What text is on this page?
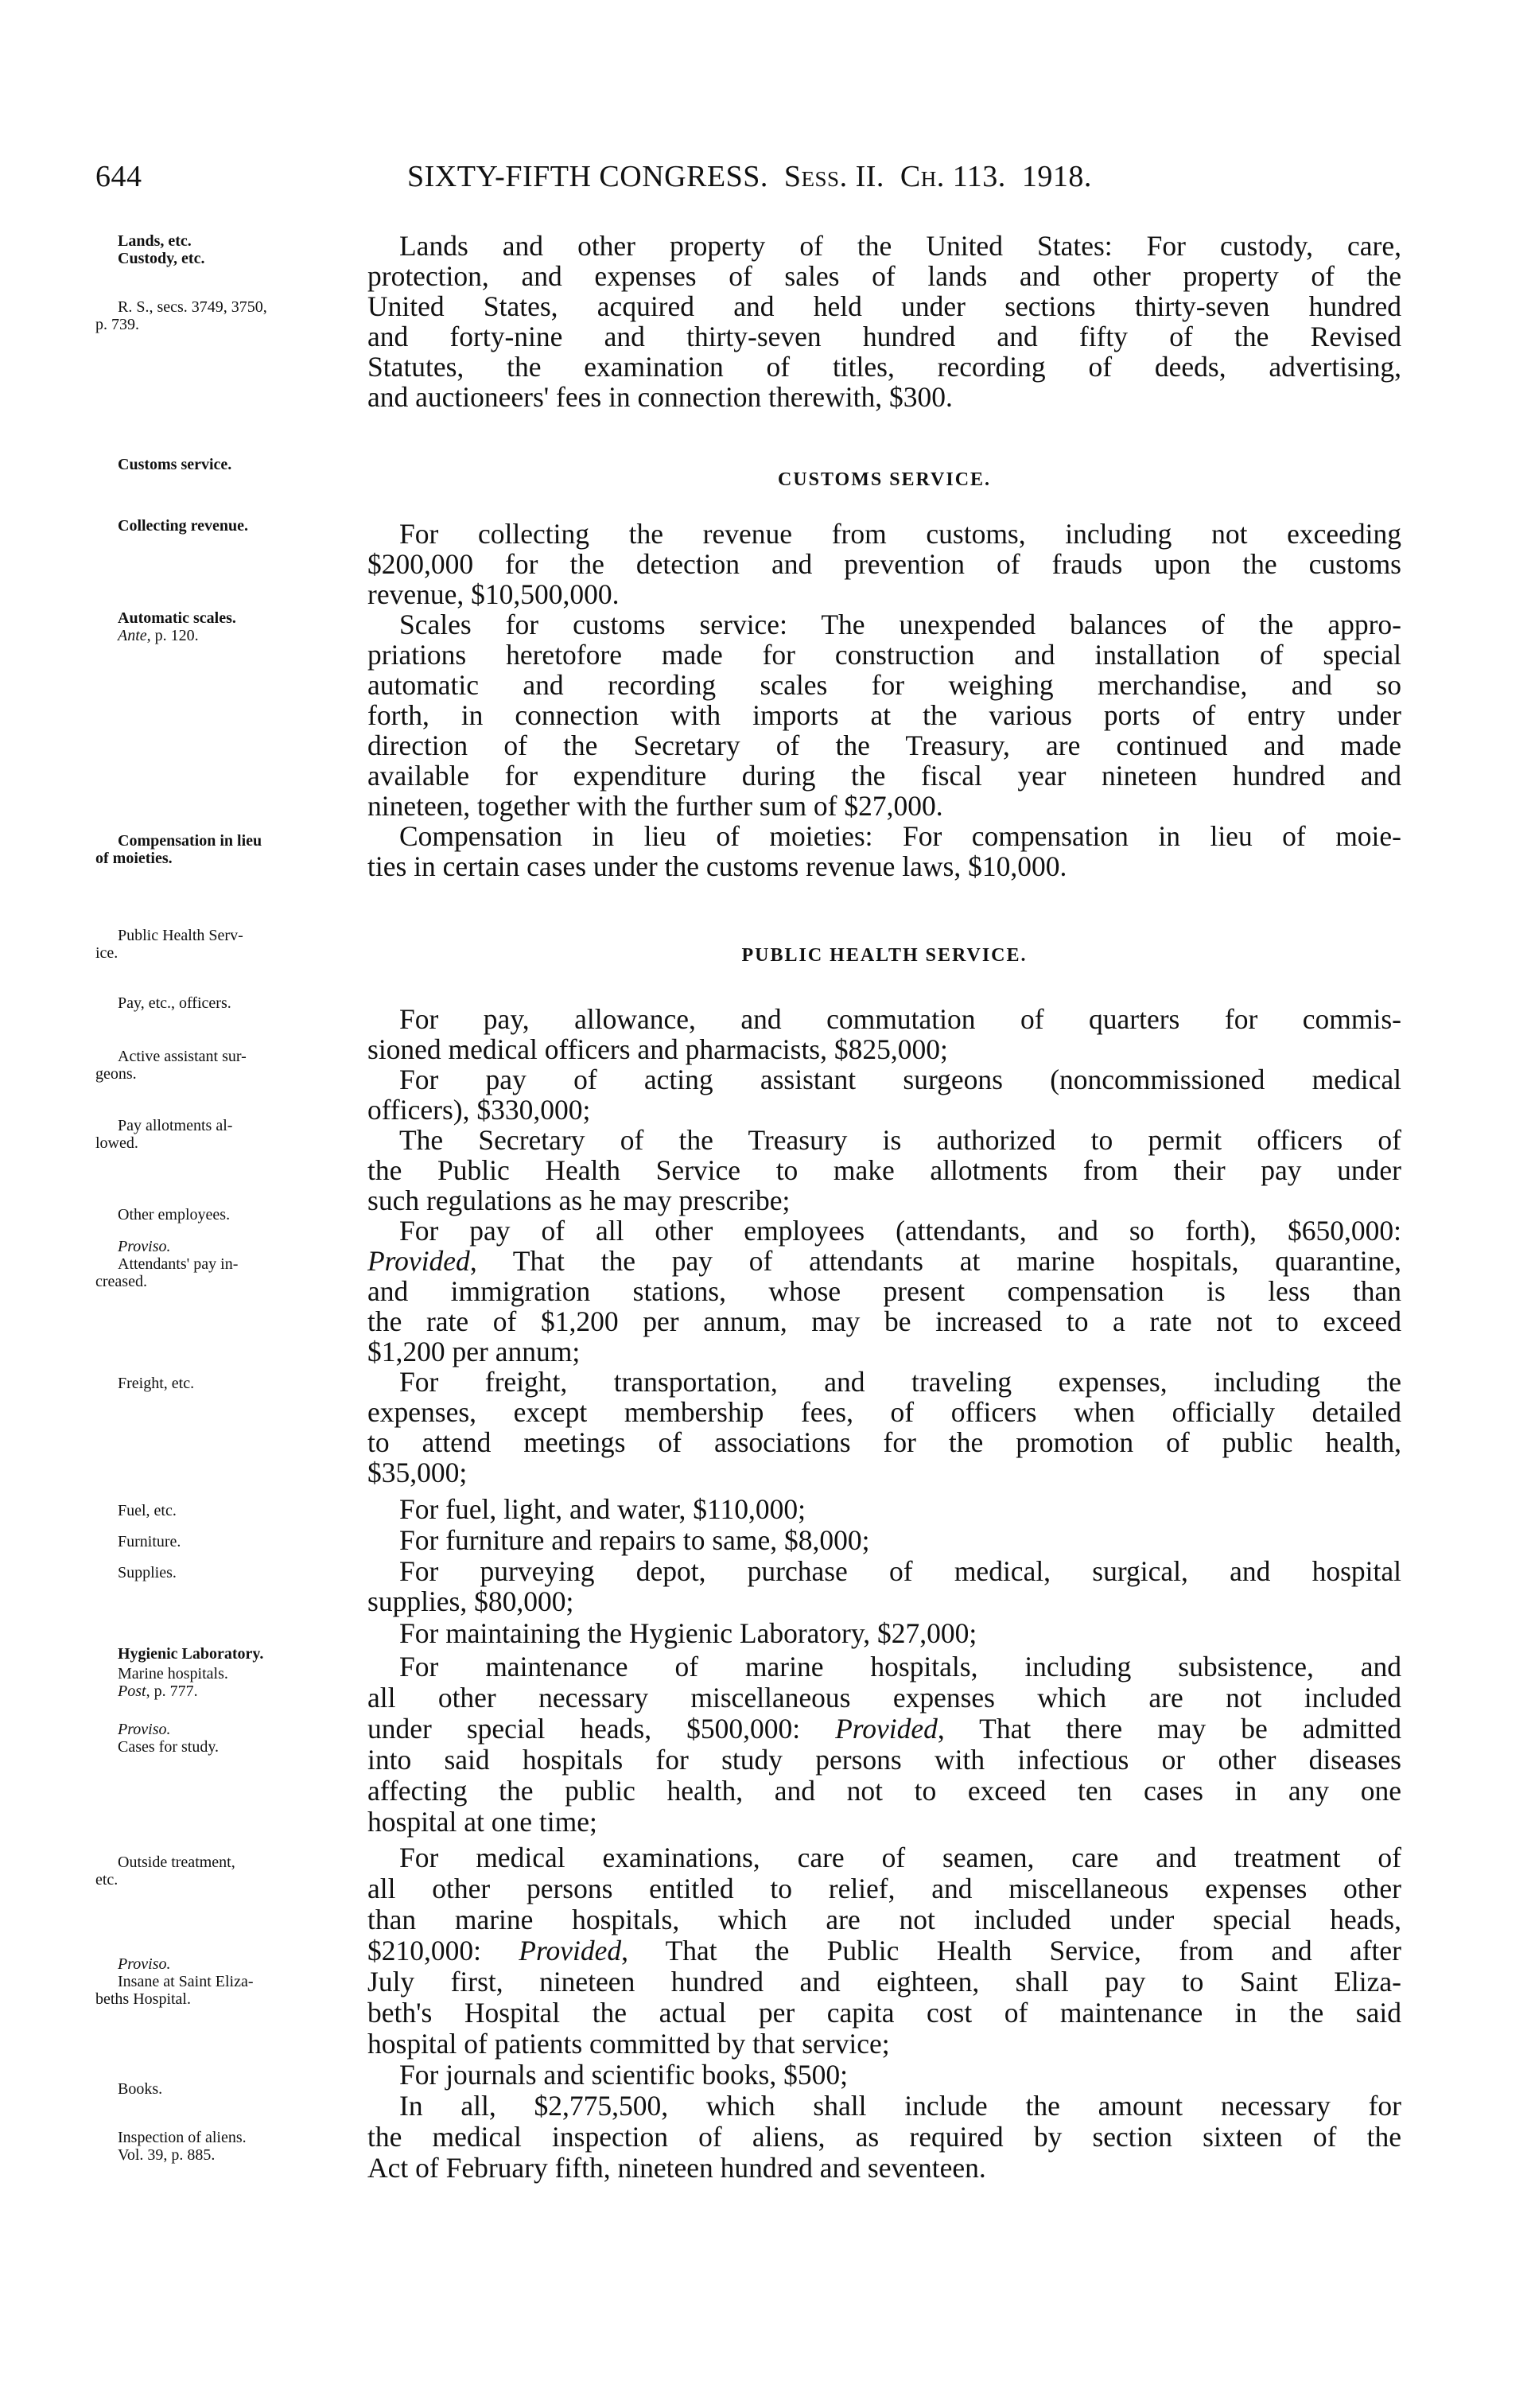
644	SIXTY-FIFTH CONGRESS. Sess. II. Ch. 113. 1918.
Lands, etc.
Custody, etc.
R. S., secs. 3749, 3750,
p. 739.
Customs service.
Collecting revenue.
Automatic scales.
Ante, p. 120.
Compensation in lieu
of moieties.
Public Health Serv-
ice.
Pay, etc., officers.
Active assistant sur-
geons.
Pay allotments al-
lowed.
Other employees.
Proviso.
Attendants' pay in-
creased.
Freight, etc.
Fuel, etc.
Furniture.
Supplies.
Hygienic Laboratory.
Marine hospitals.
Post, p. 777.
Proviso.
Cases for study.
Outside treatment,
etc.
Proviso.
Insane at Saint Eliza-
beths Hospital.
Books.
Inspection of aliens.
Vol. 39, p. 885.
CUSTOMS SERVICE.
PUBLIC HEALTH SERVICE.
Lands and other property of the United States: For custody, care,
protection, and expenses of sales of lands and other property of the
United States, acquired and held under sections thirty-seven hundred
and forty-nine and thirty-seven hundred and fifty of the Revised
Statutes, the examination of titles, recording of deeds, advertising,
and auctioneers' fees in connection therewith, $300.
For collecting the revenue from customs, including not exceeding
$200,000 for the detection and prevention of frauds upon the customs
revenue, $10,500,000.
Scales for customs service: The unexpended balances of the appro-
priations heretofore made for construction and installation of special
automatic and recording scales for weighing merchandise, and so
forth, in connection with imports at the various ports of entry under
direction of the Secretary of the Treasury, are continued and made
available for expenditure during the fiscal year nineteen hundred and
nineteen, together with the further sum of $27,000.
Compensation in lieu of moieties: For compensation in lieu of moie-
ties in certain cases under the customs revenue laws, $10,000.
For pay, allowance, and commutation of quarters for commis-
sioned medical officers and pharmacists, $825,000;
For pay of acting assistant surgeons (noncommissioned medical
officers), $330,000;
The Secretary of the Treasury is authorized to permit officers of
the Public Health Service to make allotments from their pay under
such regulations as he may prescribe;
For pay of all other employees (attendants, and so forth), $650,000:
Provided, That the pay of attendants at marine hospitals, quarantine,
and immigration stations, whose present compensation is less than
the rate of $1,200 per annum, may be increased to a rate not to exceed
$1,200 per annum;
For freight, transportation, and traveling expenses, including the
expenses, except membership fees, of officers when officially detailed
to attend meetings of associations for the promotion of public health,
$35,000;
For fuel, light, and water, $110,000;
For furniture and repairs to same, $8,000;
For purveying depot, purchase of medical, surgical, and hospital
supplies, $80,000;
For maintaining the Hygienic Laboratory, $27,000;
For maintenance of marine hospitals, including subsistence, and
all other necessary miscellaneous expenses which are not included
under special heads, $500,000: Provided, That there may be admitted
into said hospitals for study persons with infectious or other diseases
affecting the public health, and not to exceed ten cases in any one
hospital at one time;
For medical examinations, care of seamen, care and treatment of
all other persons entitled to relief, and miscellaneous expenses other
than marine hospitals, which are not included under special heads,
$210,000: Provided, That the Public Health Service, from and after
July first, nineteen hundred and eighteen, shall pay to Saint Eliza-
beth's Hospital the actual per capita cost of maintenance in the said
hospital of patients committed by that service;
For journals and scientific books, $500;
In all, $2,775,500, which shall include the amount necessary for
the medical inspection of aliens, as required by section sixteen of the
Act of February fifth, nineteen hundred and seventeen.
